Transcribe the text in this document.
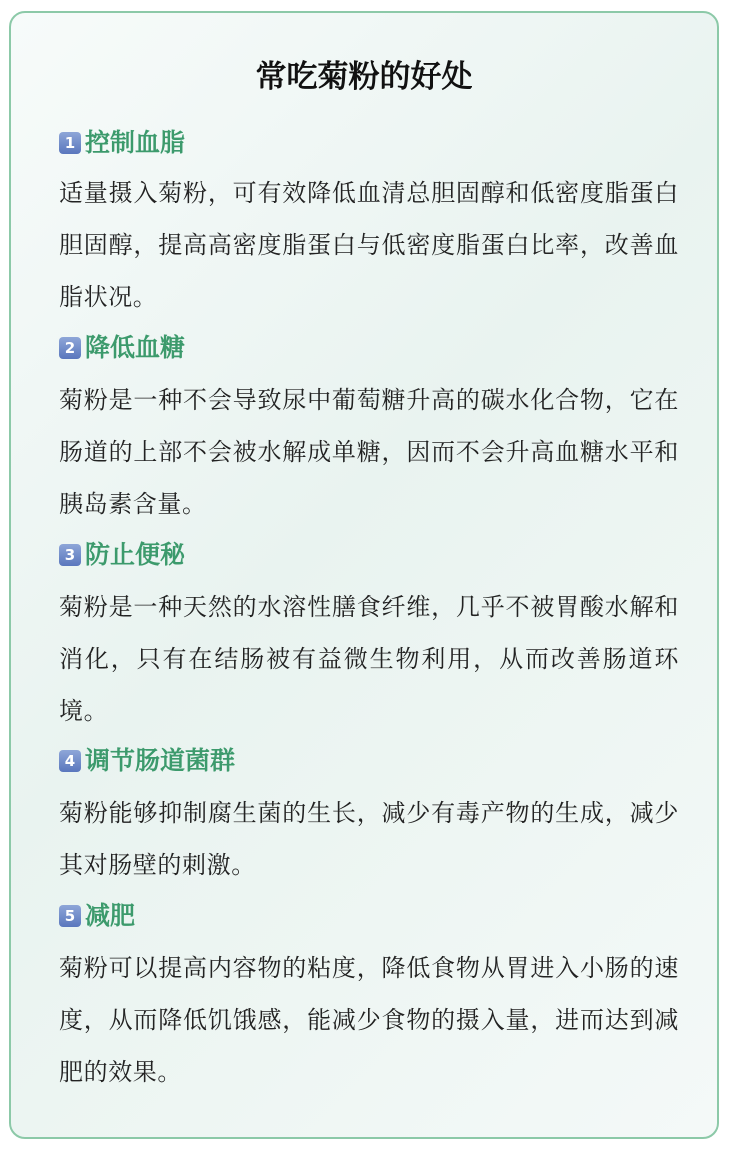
常吃菊粉的好处
1 控制血脂
适量摄入菊粉，可有效降低血清总胆固醇和低密度脂蛋白胆固醇，提高高密度脂蛋白与低密度脂蛋白比率，改善血脂状况。
2 降低血糖
菊粉是一种不会导致尿中葡萄糖升高的碳水化合物，它在肠道的上部不会被水解成单糖，因而不会升高血糖水平和胰岛素含量。
3 防止便秘
菊粉是一种天然的水溶性膳食纤维，几乎不被胃酸水解和消化，只有在结肠被有益微生物利用，从而改善肠道环境。
4 调节肠道菌群
菊粉能够抑制腐生菌的生长，减少有毒产物的生成，减少其对肠壁的刺激。
5 减肥
菊粉可以提高内容物的粘度，降低食物从胃进入小肠的速度，从而降低饥饿感，能减少食物的摄入量，进而达到减肥的效果。
